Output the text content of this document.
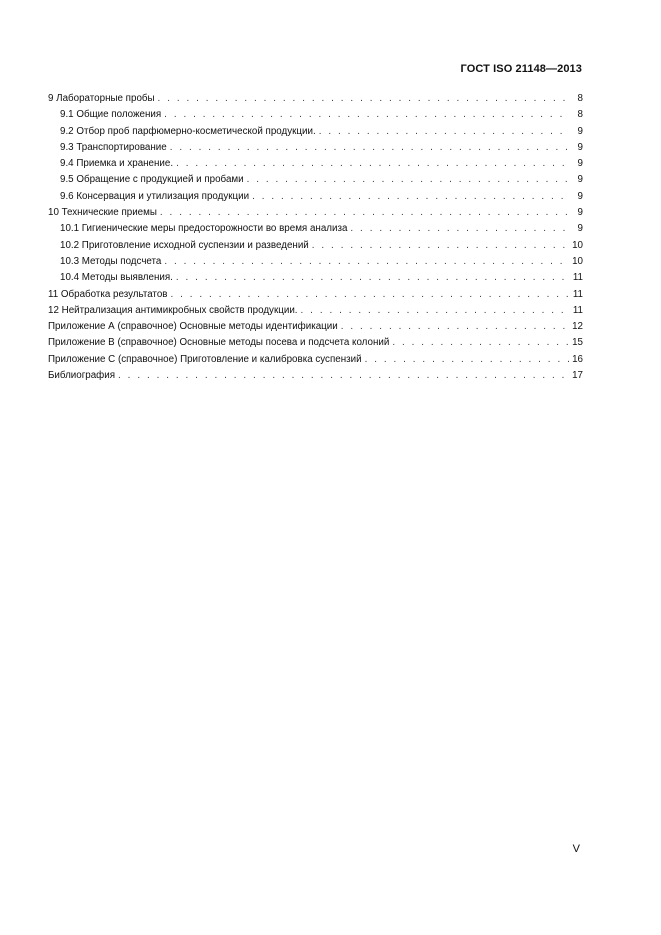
ГОСТ ISO 21148—2013
9 Лабораторные пробы . . .	8
9.1 Общие положения . . .	8
9.2 Отбор проб парфюмерно-косметической продукции. . . .	9
9.3 Транспортирование . . .	9
9.4 Приемка и хранение. . . .	9
9.5 Обращение с продукцией и пробами . . .	9
9.6 Консервация и утилизация продукции . . .	9
10 Технические приемы . . .	9
10.1 Гигиенические меры предосторожности во время анализа . . .	9
10.2 Приготовление исходной суспензии и разведений . . .	10
10.3 Методы подсчета . . .	10
10.4 Методы выявления. . . .	11
11 Обработка результатов . . .	11
12 Нейтрализация антимикробных свойств продукции. . . .	11
Приложение А (справочное) Основные методы идентификации . . .	12
Приложение В (справочное) Основные методы посева и подсчета колоний . . .	15
Приложение С (справочное) Приготовление и калибровка суспензий . . .	16
Библиография . . .	17
V
